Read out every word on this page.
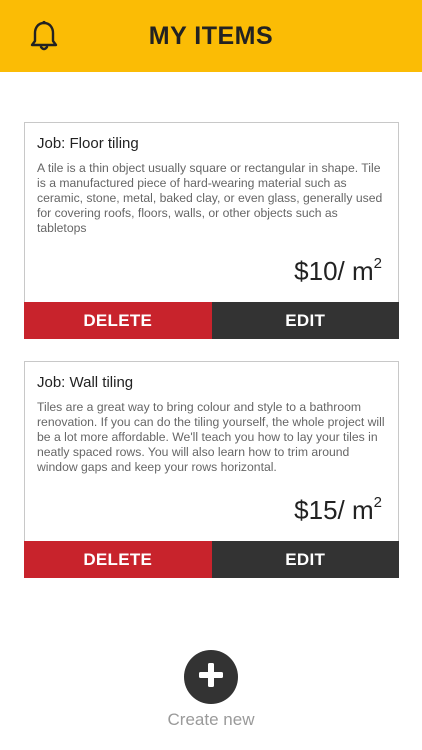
MY ITEMS
Job: Floor tiling
A tile is a thin object usually square or rectangular in shape. Tile is a manufactured piece of hard-wearing material such as ceramic, stone, metal, baked clay, or even glass, generally used for covering roofs, floors, walls, or other objects such as tabletops
$10/ $m^2$
DELETE	EDIT
Job: Wall tiling
Tiles are a great way to bring colour and style to a bathroom renovation. If you can do the tiling yourself, the whole project will be a lot more affordable. We'll teach you how to lay your tiles in neatly spaced rows. You will also learn how to trim around window gaps and keep your rows horizontal.
$15/ $m^2$
DELETE	EDIT
Create new
